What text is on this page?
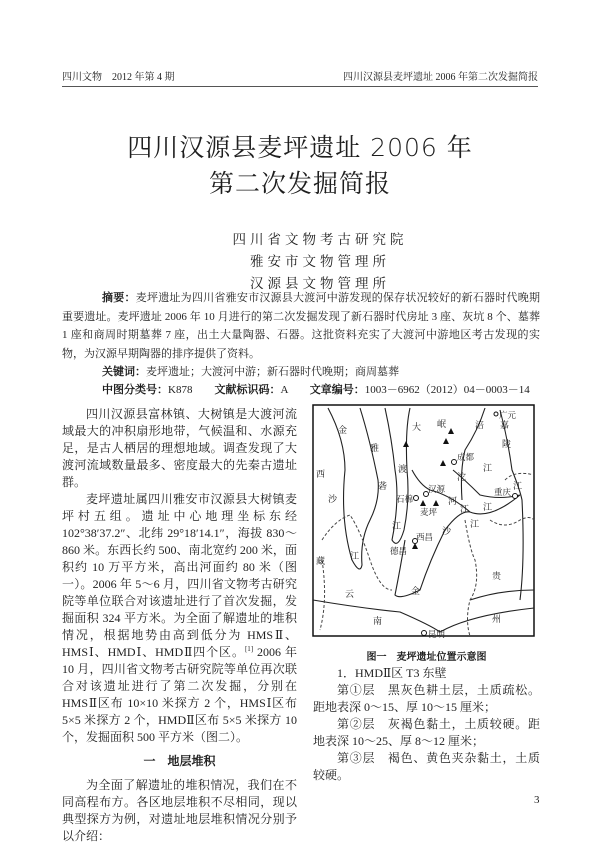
四川文物　2012 年第 4 期	四川汉源县麦坪遗址 2006 年第二次发掘简报
四川汉源县麦坪遗址 2006 年
第二次发掘简报
四川省文物考古研究院
雅安市文物管理所
汉源县文物管理所

摘要：麦坪遗址为四川省雅安市汉源县大渡河中游发现的保存状况较好的新石器时代晚期重要遗址。麦坪遗址 2006 年 10 月进行的第二次发掘发现了新石器时代房址 3 座、灰坑 8 个、墓葬 1 座和商周时期墓葬 7 座，出土大量陶器、石器。这批资料充实了大渡河中游地区考古发现的实物，为汉源早期陶器的排序提供了资料。

关键词：麦坪遗址；大渡河中游；新石器时代晚期；商周墓葬

中图分类号：K878　　 文献标识码：A　　 文章编号：1003－6962（2012）04－0003－14

四川汉源县富林镇、大树镇是大渡河流域最大的冲积扇形地带，气候温和、水源充足，是古人栖居的理想地域。调查发现了大渡河流域数量最多、密度最大的先秦古遗址群。

麦坪遗址属四川雅安市汉源县大树镇麦坪村五组。遗址中心地理坐标东经 102°38′37.2″、北纬 29°18′14.1″，海拔 830～860 米。东西长约 500、南北宽约 200 米，面积约 10 万平方米，高出河面约 80 米（图一）。2006 年 5～6 月，四川省文物考古研究院等单位联合对该遗址进行了首次发掘，发掘面积 324 平方米。为全面了解遗址的堆积情况，根据地势由高到低分为 HMSⅡ、HMSⅠ、HMDⅠ、HMDⅡ四个区。[1] 2006 年 10 月，四川省文物考古研究院等单位再次联合对该遗址进行了第二次发掘，分别在 HMSⅡ区布 10×10 米探方 2 个，HMSⅠ区布 5×5 米探方 2 个，HMDⅡ区布 5×5 米探方 10 个，发掘面积 500 平方米（图二）。

一　地层堆积

为全面了解遗址的堆积情况，我们在不同高程布方。各区地层堆积不尽相同，现以典型探方为例，对遗址地层堆积情况分别予以介绍：

金
雅
大 岷	涪
广元
嘉
陵
西	渡
成都
沱
江
江
重庆
沙
砻	汉源
石棉	河
江 江
麦坪
江	江
沙
西昌
德昌
藏	江
贵
云	金
南	州
昆明
图一　麦坪遗址位置示意图

1．HMDⅡ区 T3 东壁

第①层　黑灰色耕土层，土质疏松。距地表深 0～15、厚 10～15 厘米；

第②层　灰褐色黏土，土质较硬。距地表深 10～25、厚 8～12 厘米；

第③层　褐色、黄色夹杂黏土，土质较硬。

3
